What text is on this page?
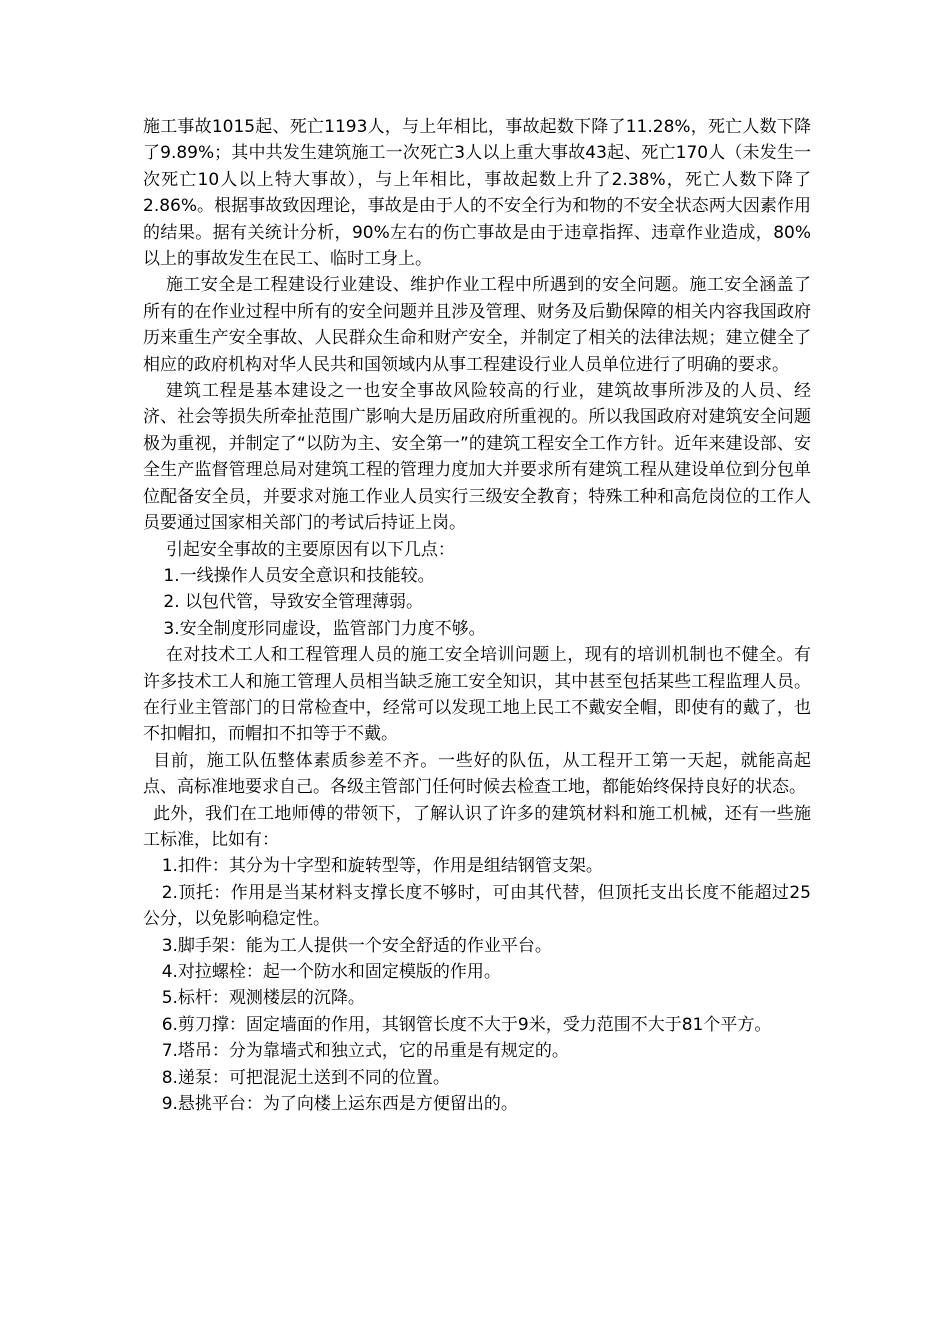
施工事故1015起、死亡1193人，与上年相比，事故起数下降了11.28%，死亡人数下降了9.89%；其中共发生建筑施工一次死亡3人以上重大事故43起、死亡170人（未发生一次死亡10人以上特大事故），与上年相比，事故起数上升了2.38%，死亡人数下降了2.86%。根据事故致因理论，事故是由于人的不安全行为和物的不安全状态两大因素作用的结果。据有关统计分析，90%左右的伤亡事故是由于违章指挥、违章作业造成，80%以上的事故发生在民工、临时工身上。

施工安全是工程建设行业建设、维护作业工程中所遇到的安全问题。施工安全涵盖了所有的在作业过程中所有的安全问题并且涉及管理、财务及后勤保障的相关内容我国政府历来重生产安全事故、人民群众生命和财产安全，并制定了相关的法律法规；建立健全了相应的政府机构对华人民共和国领域内从事工程建设行业人员单位进行了明确的要求。

建筑工程是基本建设之一也安全事故风险较高的行业，建筑故事所涉及的人员、经济、社会等损失所牵扯范围广影响大是历届政府所重视的。所以我国政府对建筑安全问题极为重视，并制定了“以防为主、安全第一”的建筑工程安全工作方针。近年来建设部、安全生产监督管理总局对建筑工程的管理力度加大并要求所有建筑工程从建设单位到分包单位配备安全员，并要求对施工作业人员实行三级安全教育；特殊工种和高危岗位的工作人员要通过国家相关部门的考试后持证上岗。

引起安全事故的主要原因有以下几点：

1.一线操作人员安全意识和技能较。

2. 以包代管，导致安全管理薄弱。

3.安全制度形同虚设，监管部门力度不够。

在对技术工人和工程管理人员的施工安全培训问题上，现有的培训机制也不健全。有许多技术工人和施工管理人员相当缺乏施工安全知识，其中甚至包括某些工程监理人员。在行业主管部门的日常检查中，经常可以发现工地上民工不戴安全帽，即使有的戴了，也不扣帽扣，而帽扣不扣等于不戴。

目前，施工队伍整体素质参差不齐。一些好的队伍，从工程开工第一天起，就能高起点、高标准地要求自己。各级主管部门任何时候去检查工地，都能始终保持良好的状态。

此外，我们在工地师傅的带领下，了解认识了许多的建筑材料和施工机械，还有一些施工标准，比如有：

1.扣件：其分为十字型和旋转型等，作用是组结钢管支架。

2.顶托：作用是当某材料支撑长度不够时，可由其代替，但顶托支出长度不能超过25公分，以免影响稳定性。

3.脚手架：能为工人提供一个安全舒适的作业平台。

4.对拉螺栓：起一个防水和固定模版的作用。

5.标杆：观测楼层的沉降。

6.剪刀撑：固定墙面的作用，其钢管长度不大于9米，受力范围不大于81个平方。

7.塔吊：分为靠墙式和独立式，它的吊重是有规定的。

8.递泵：可把混泥土送到不同的位置。

9.悬挑平台：为了向楼上运东西是方便留出的。
